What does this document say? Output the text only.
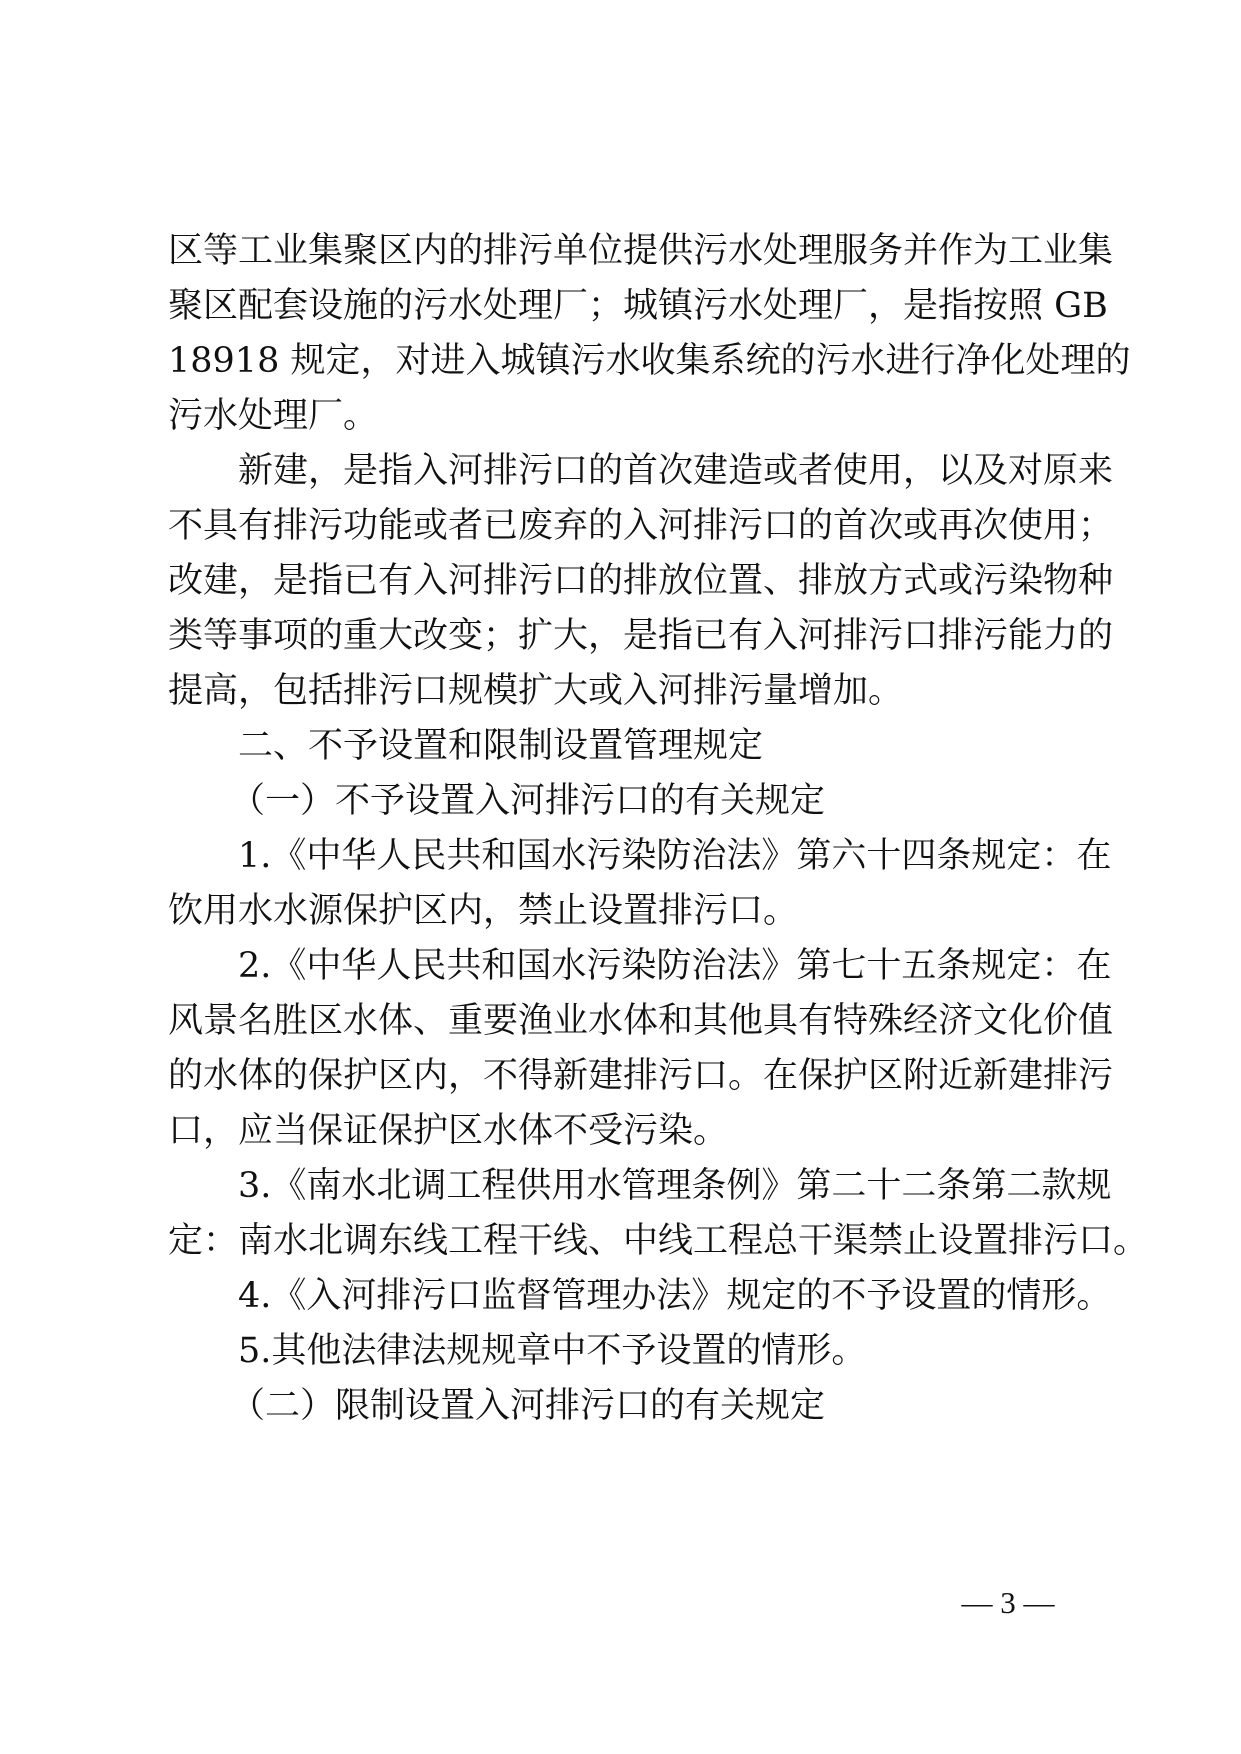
区等工业集聚区内的排污单位提供污水处理服务并作为工业集
聚区配套设施的污水处理厂；城镇污水处理厂，是指按照 GB
18918 规定，对进入城镇污水收集系统的污水进行净化处理的
污水处理厂。
新建，是指入河排污口的首次建造或者使用，以及对原来
不具有排污功能或者已废弃的入河排污口的首次或再次使用；
改建，是指已有入河排污口的排放位置、排放方式或污染物种
类等事项的重大改变；扩大，是指已有入河排污口排污能力的
提高，包括排污口规模扩大或入河排污量增加。
二、不予设置和限制设置管理规定
（一）不予设置入河排污口的有关规定
1.《中华人民共和国水污染防治法》第六十四条规定：在
饮用水水源保护区内，禁止设置排污口。
2.《中华人民共和国水污染防治法》第七十五条规定：在
风景名胜区水体、重要渔业水体和其他具有特殊经济文化价值
的水体的保护区内，不得新建排污口。在保护区附近新建排污
口，应当保证保护区水体不受污染。
3.《南水北调工程供用水管理条例》第二十二条第二款规
定：南水北调东线工程干线、中线工程总干渠禁止设置排污口。
4.《入河排污口监督管理办法》规定的不予设置的情形。
5.其他法律法规规章中不予设置的情形。
（二）限制设置入河排污口的有关规定
— 3 —
